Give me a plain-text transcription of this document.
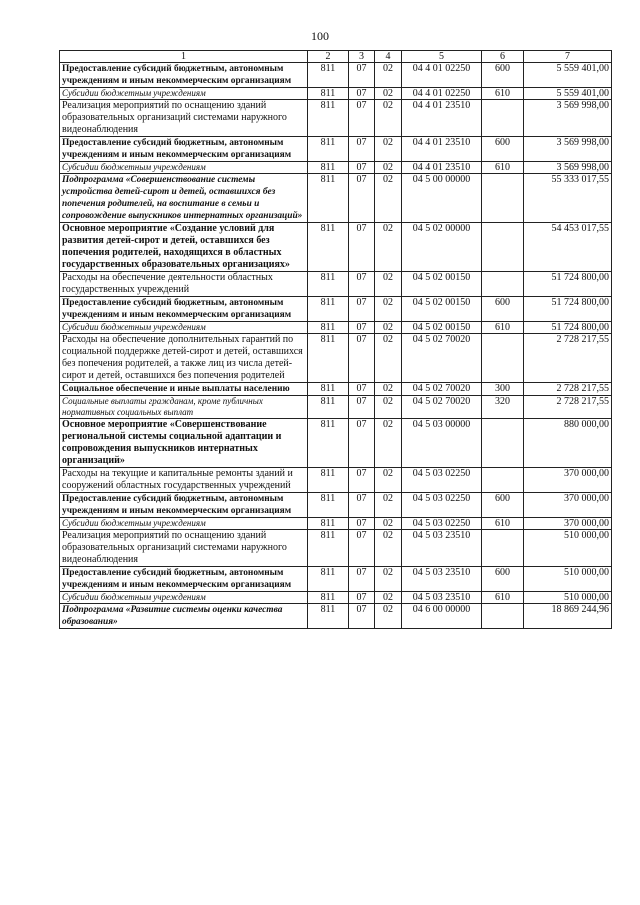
100
1	2	3	4	5	6	7
Предоставление субсидий бюджетным, автономным учреждениям и иным некоммерческим организациям	811	07	02	04 4 01 02250	600	5 559 401,00
Субсидии бюджетным учреждениям	811	07	02	04 4 01 02250	610	5 559 401,00
Реализация мероприятий по оснащению зданий образовательных организаций системами наружного видеонаблюдения	811	07	02	04 4 01 23510		3 569 998,00
Предоставление субсидий бюджетным, автономным учреждениям и иным некоммерческим организациям	811	07	02	04 4 01 23510	600	3 569 998,00
Субсидии бюджетным учреждениям	811	07	02	04 4 01 23510	610	3 569 998,00
Подпрограмма «Совершенствование системы устройства детей-сирот и детей, оставшихся без попечения родителей, на воспитание в семьи и сопровождение выпускников интернатных организаций»	811	07	02	04 5 00 00000		55 333 017,55
Основное мероприятие «Создание условий для развития детей-сирот и детей, оставшихся без попечения родителей, находящихся в областных государственных образовательных организациях»	811	07	02	04 5 02 00000		54 453 017,55
Расходы на обеспечение деятельности областных государственных учреждений	811	07	02	04 5 02 00150		51 724 800,00
Предоставление субсидий бюджетным, автономным учреждениям и иным некоммерческим организациям	811	07	02	04 5 02 00150	600	51 724 800,00
Субсидии бюджетным учреждениям	811	07	02	04 5 02 00150	610	51 724 800,00
Расходы на обеспечение дополнительных гарантий по социальной поддержке детей-сирот и детей, оставшихся без попечения родителей, а также лиц из числа детей-сирот и детей, оставшихся без попечения родителей	811	07	02	04 5 02 70020		2 728 217,55
Социальное обеспечение и иные выплаты населению	811	07	02	04 5 02 70020	300	2 728 217,55
Социальные выплаты гражданам, кроме публичных нормативных социальных выплат	811	07	02	04 5 02 70020	320	2 728 217,55
Основное мероприятие «Совершенствование региональной системы социальной адаптации и сопровождения выпускников интернатных организаций»	811	07	02	04 5 03 00000		880 000,00
Расходы на текущие и капитальные ремонты зданий и сооружений областных государственных учреждений	811	07	02	04 5 03 02250		370 000,00
Предоставление субсидий бюджетным, автономным учреждениям и иным некоммерческим организациям	811	07	02	04 5 03 02250	600	370 000,00
Субсидии бюджетным учреждениям	811	07	02	04 5 03 02250	610	370 000,00
Реализация мероприятий по оснащению зданий образовательных организаций системами наружного видеонаблюдения	811	07	02	04 5 03 23510		510 000,00
Предоставление субсидий бюджетным, автономным учреждениям и иным некоммерческим организациям	811	07	02	04 5 03 23510	600	510 000,00
Субсидии бюджетным учреждениям	811	07	02	04 5 03 23510	610	510 000,00
Подпрограмма «Развитие системы оценки качества образования»	811	07	02	04 6 00 00000		18 869 244,96
